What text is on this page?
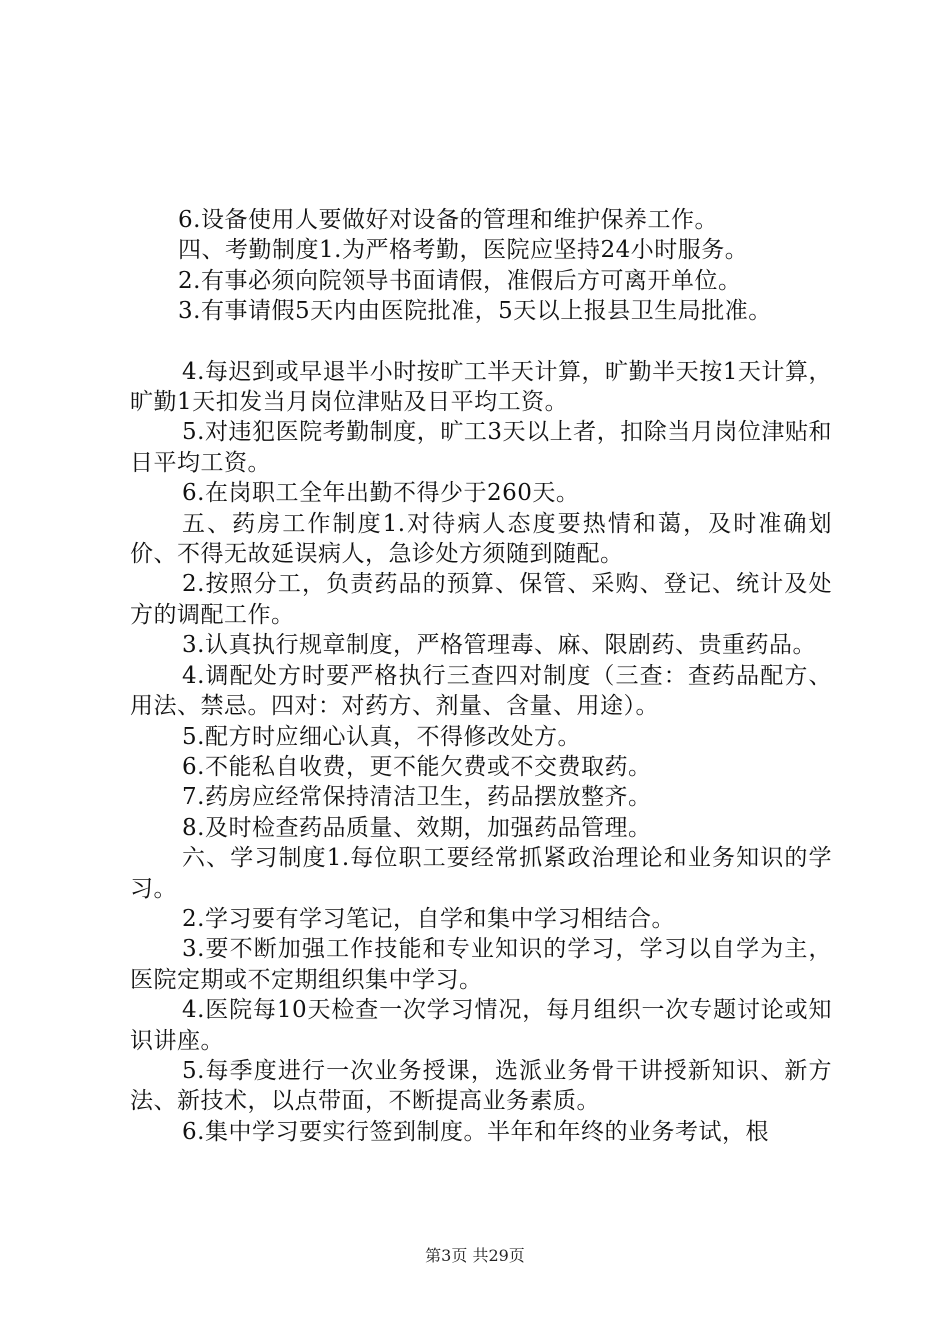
6.设备使用人要做好对设备的管理和维护保养工作。

四、考勤制度1.为严格考勤，医院应坚持24小时服务。

2.有事必须向院领导书面请假，准假后方可离开单位。

3.有事请假5天内由医院批准，5天以上报县卫生局批准。

4.每迟到或早退半小时按旷工半天计算，旷勤半天按1天计算，旷勤1天扣发当月岗位津贴及日平均工资。

5.对违犯医院考勤制度，旷工3天以上者，扣除当月岗位津贴和日平均工资。

6.在岗职工全年出勤不得少于260天。

五、药房工作制度1.对待病人态度要热情和蔼，及时准确划价、不得无故延误病人，急诊处方须随到随配。

2.按照分工，负责药品的预算、保管、采购、登记、统计及处方的调配工作。

3.认真执行规章制度，严格管理毒、麻、限剧药、贵重药品。

4.调配处方时要严格执行三查四对制度（三查：查药品配方、用法、禁忌。四对：对药方、剂量、含量、用途）。

5.配方时应细心认真，不得修改处方。

6.不能私自收费，更不能欠费或不交费取药。

7.药房应经常保持清洁卫生，药品摆放整齐。

8.及时检查药品质量、效期，加强药品管理。

六、学习制度1.每位职工要经常抓紧政治理论和业务知识的学习。

2.学习要有学习笔记，自学和集中学习相结合。

3.要不断加强工作技能和专业知识的学习，学习以自学为主，医院定期或不定期组织集中学习。

4.医院每10天检查一次学习情况，每月组织一次专题讨论或知识讲座。

5.每季度进行一次业务授课，选派业务骨干讲授新知识、新方法、新技术，以点带面，不断提高业务素质。

6.集中学习要实行签到制度。半年和年终的业务考试，根

第3页 共29页
